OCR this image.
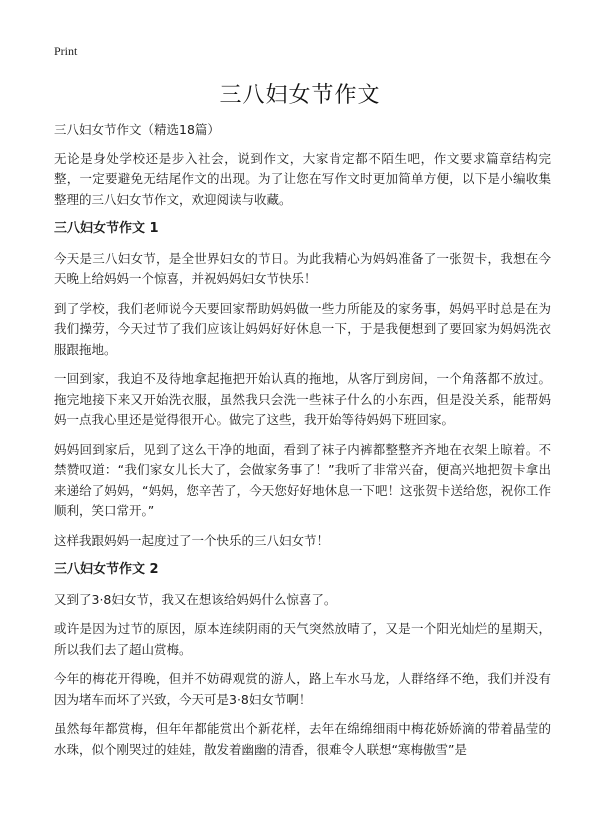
Print
三八妇女节作文

三八妇女节作文（精选18篇）

无论是身处学校还是步入社会，说到作文，大家肯定都不陌生吧，作文要求篇章结构完整，一定要避免无结尾作文的出现。为了让您在写作文时更加简单方便，以下是小编收集整理的三八妇女节作文，欢迎阅读与收藏。

三八妇女节作文 1

今天是三八妇女节，是全世界妇女的节日。为此我精心为妈妈准备了一张贺卡，我想在今天晚上给妈妈一个惊喜，并祝妈妈妇女节快乐！

到了学校，我们老师说今天要回家帮助妈妈做一些力所能及的家务事，妈妈平时总是在为我们操劳，今天过节了我们应该让妈妈好好休息一下，于是我便想到了要回家为妈妈洗衣服跟拖地。

一回到家，我迫不及待地拿起拖把开始认真的拖地，从客厅到房间，一个角落都不放过。拖完地接下来又开始洗衣服，虽然我只会洗一些袜子什么的小东西，但是没关系，能帮妈妈一点我心里还是觉得很开心。做完了这些，我开始等待妈妈下班回家。

妈妈回到家后，见到了这么干净的地面，看到了袜子内裤都整整齐齐地在衣架上晾着。不禁赞叹道：“我们家女儿长大了，会做家务事了！”我听了非常兴奋，便高兴地把贺卡拿出来递给了妈妈，“妈妈，您辛苦了，今天您好好地休息一下吧！这张贺卡送给您，祝你工作顺利，笑口常开。”

这样我跟妈妈一起度过了一个快乐的三八妇女节！

三八妇女节作文 2

又到了3·8妇女节，我又在想该给妈妈什么惊喜了。

或许是因为过节的原因，原本连续阴雨的天气突然放晴了，又是一个阳光灿烂的星期天，所以我们去了超山赏梅。

今年的梅花开得晚，但并不妨碍观赏的游人，路上车水马龙，人群络绎不绝，我们并没有因为堵车而坏了兴致，今天可是3·8妇女节啊！

虽然每年都赏梅，但年年都能赏出个新花样，去年在绵绵细雨中梅花娇娇滴的带着晶莹的水珠，似个刚哭过的娃娃，散发着幽幽的清香，很难令人联想“寒梅傲雪”是
